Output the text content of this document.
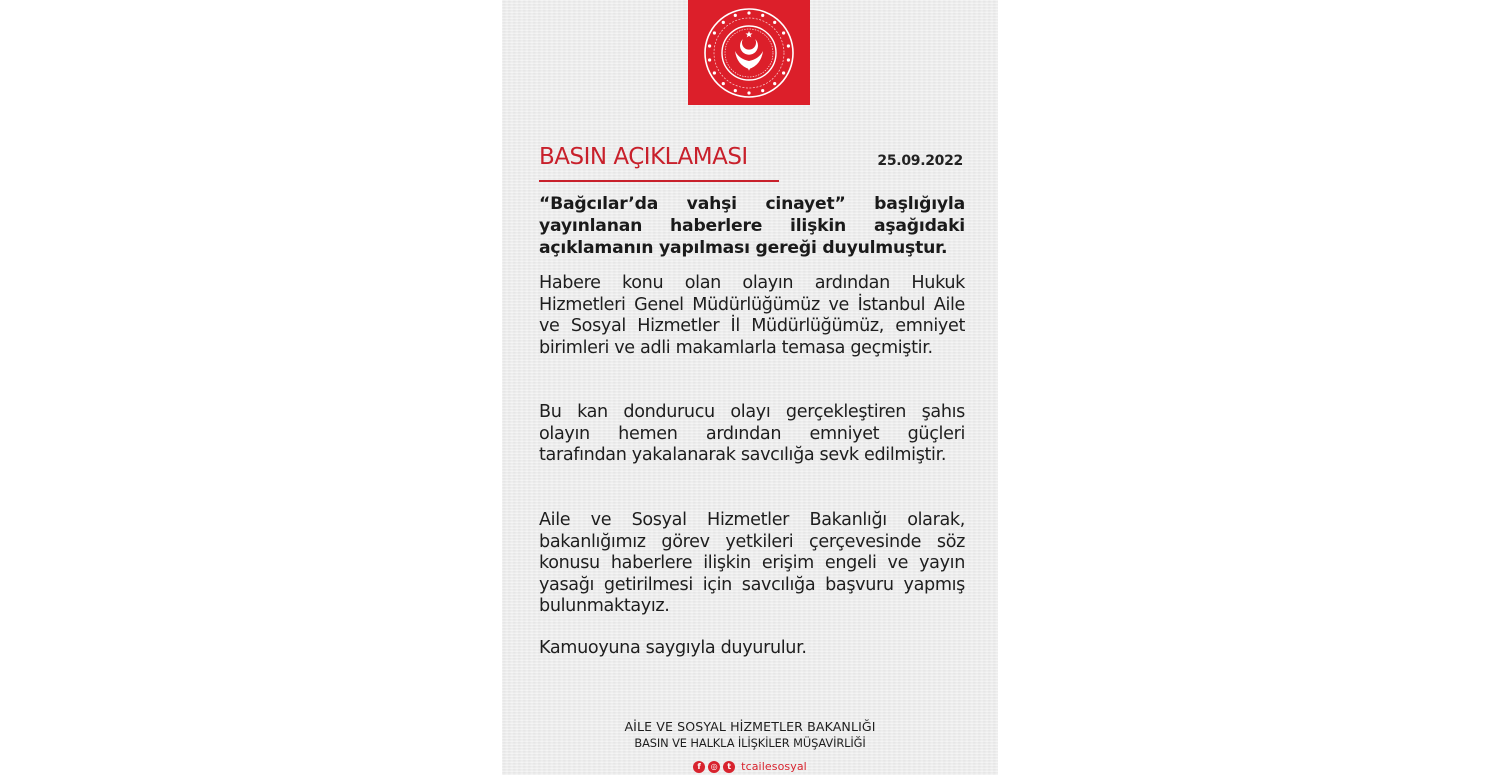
BASIN AÇIKLAMASI	25.09.2022
“Bağcılar’da vahşi cinayet” başlığıyla yayınlanan haberlere ilişkin aşağıdaki açıklamanın yapılması gereği duyulmuştur.
Habere konu olan olayın ardından Hukuk Hizmetleri Genel Müdürlüğümüz ve İstanbul Aile ve Sosyal Hizmetler İl Müdürlüğümüz, emniyet birimleri ve adli makamlarla temasa geçmiştir.
Bu kan dondurucu olayı gerçekleştiren şahıs olayın hemen ardından emniyet güçleri tarafından yakalanarak savcılığa sevk edilmiştir.
Aile ve Sosyal Hizmetler Bakanlığı olarak, bakanlığımız görev yetkileri çerçevesinde söz konusu haberlere ilişkin erişim engeli ve yayın yasağı getirilmesi için savcılığa başvuru yapmış bulunmaktayız.
Kamuoyuna saygıyla duyurulur.
AİLE VE SOSYAL HİZMETLER BAKANLIĞI
BASIN VE HALKLA İLİŞKİLER MÜŞAVİRLİĞİ
f	◎	t tcailesosyal
